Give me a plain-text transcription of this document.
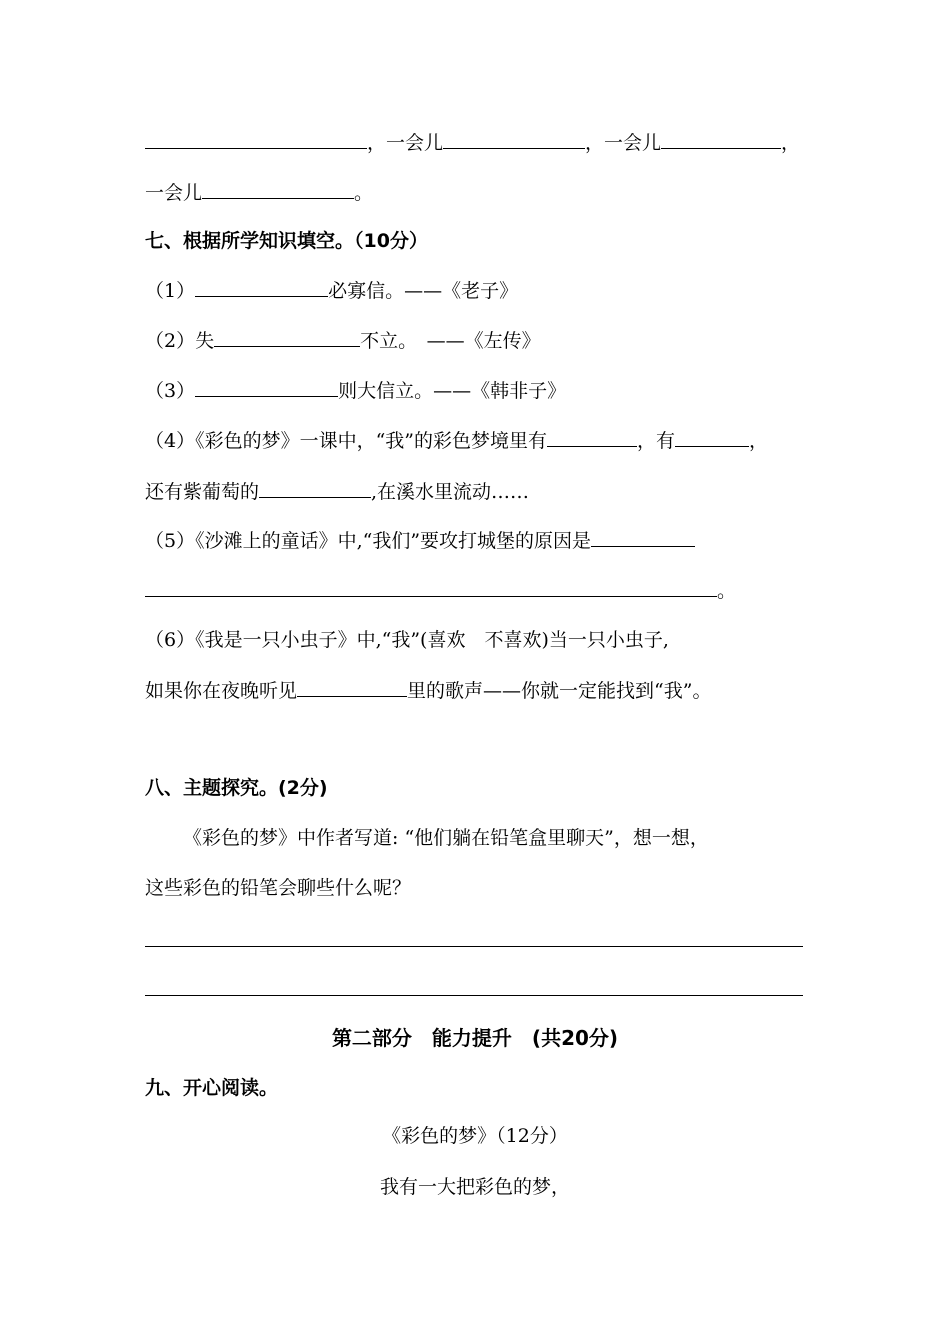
，一会儿	，一会儿	，
一会儿	。
七、根据所学知识填空。（10分）
（1）	必寡信。——《老子》
（2）失	不立。　——《左传》
（3）	则大信立。——《韩非子》
（4）《彩色的梦》一课中，“我”的彩色梦境里有	，有	，
还有紫葡萄的	,在溪水里流动……
（5）《沙滩上的童话》中,“我们”要攻打城堡的原因是
。
（6）《我是一只小虫子》中,“我”(喜欢　不喜欢)当一只小虫子,
如果你在夜晚听见	里的歌声——你就一定能找到“我”。
八、主题探究。(2分)
《彩色的梦》中作者写道: “他们躺在铅笔盒里聊天”，想一想，
这些彩色的铅笔会聊些什么呢？
第二部分　能力提升　(共20分)
九、开心阅读。
《彩色的梦》（12分）
我有一大把彩色的梦，
